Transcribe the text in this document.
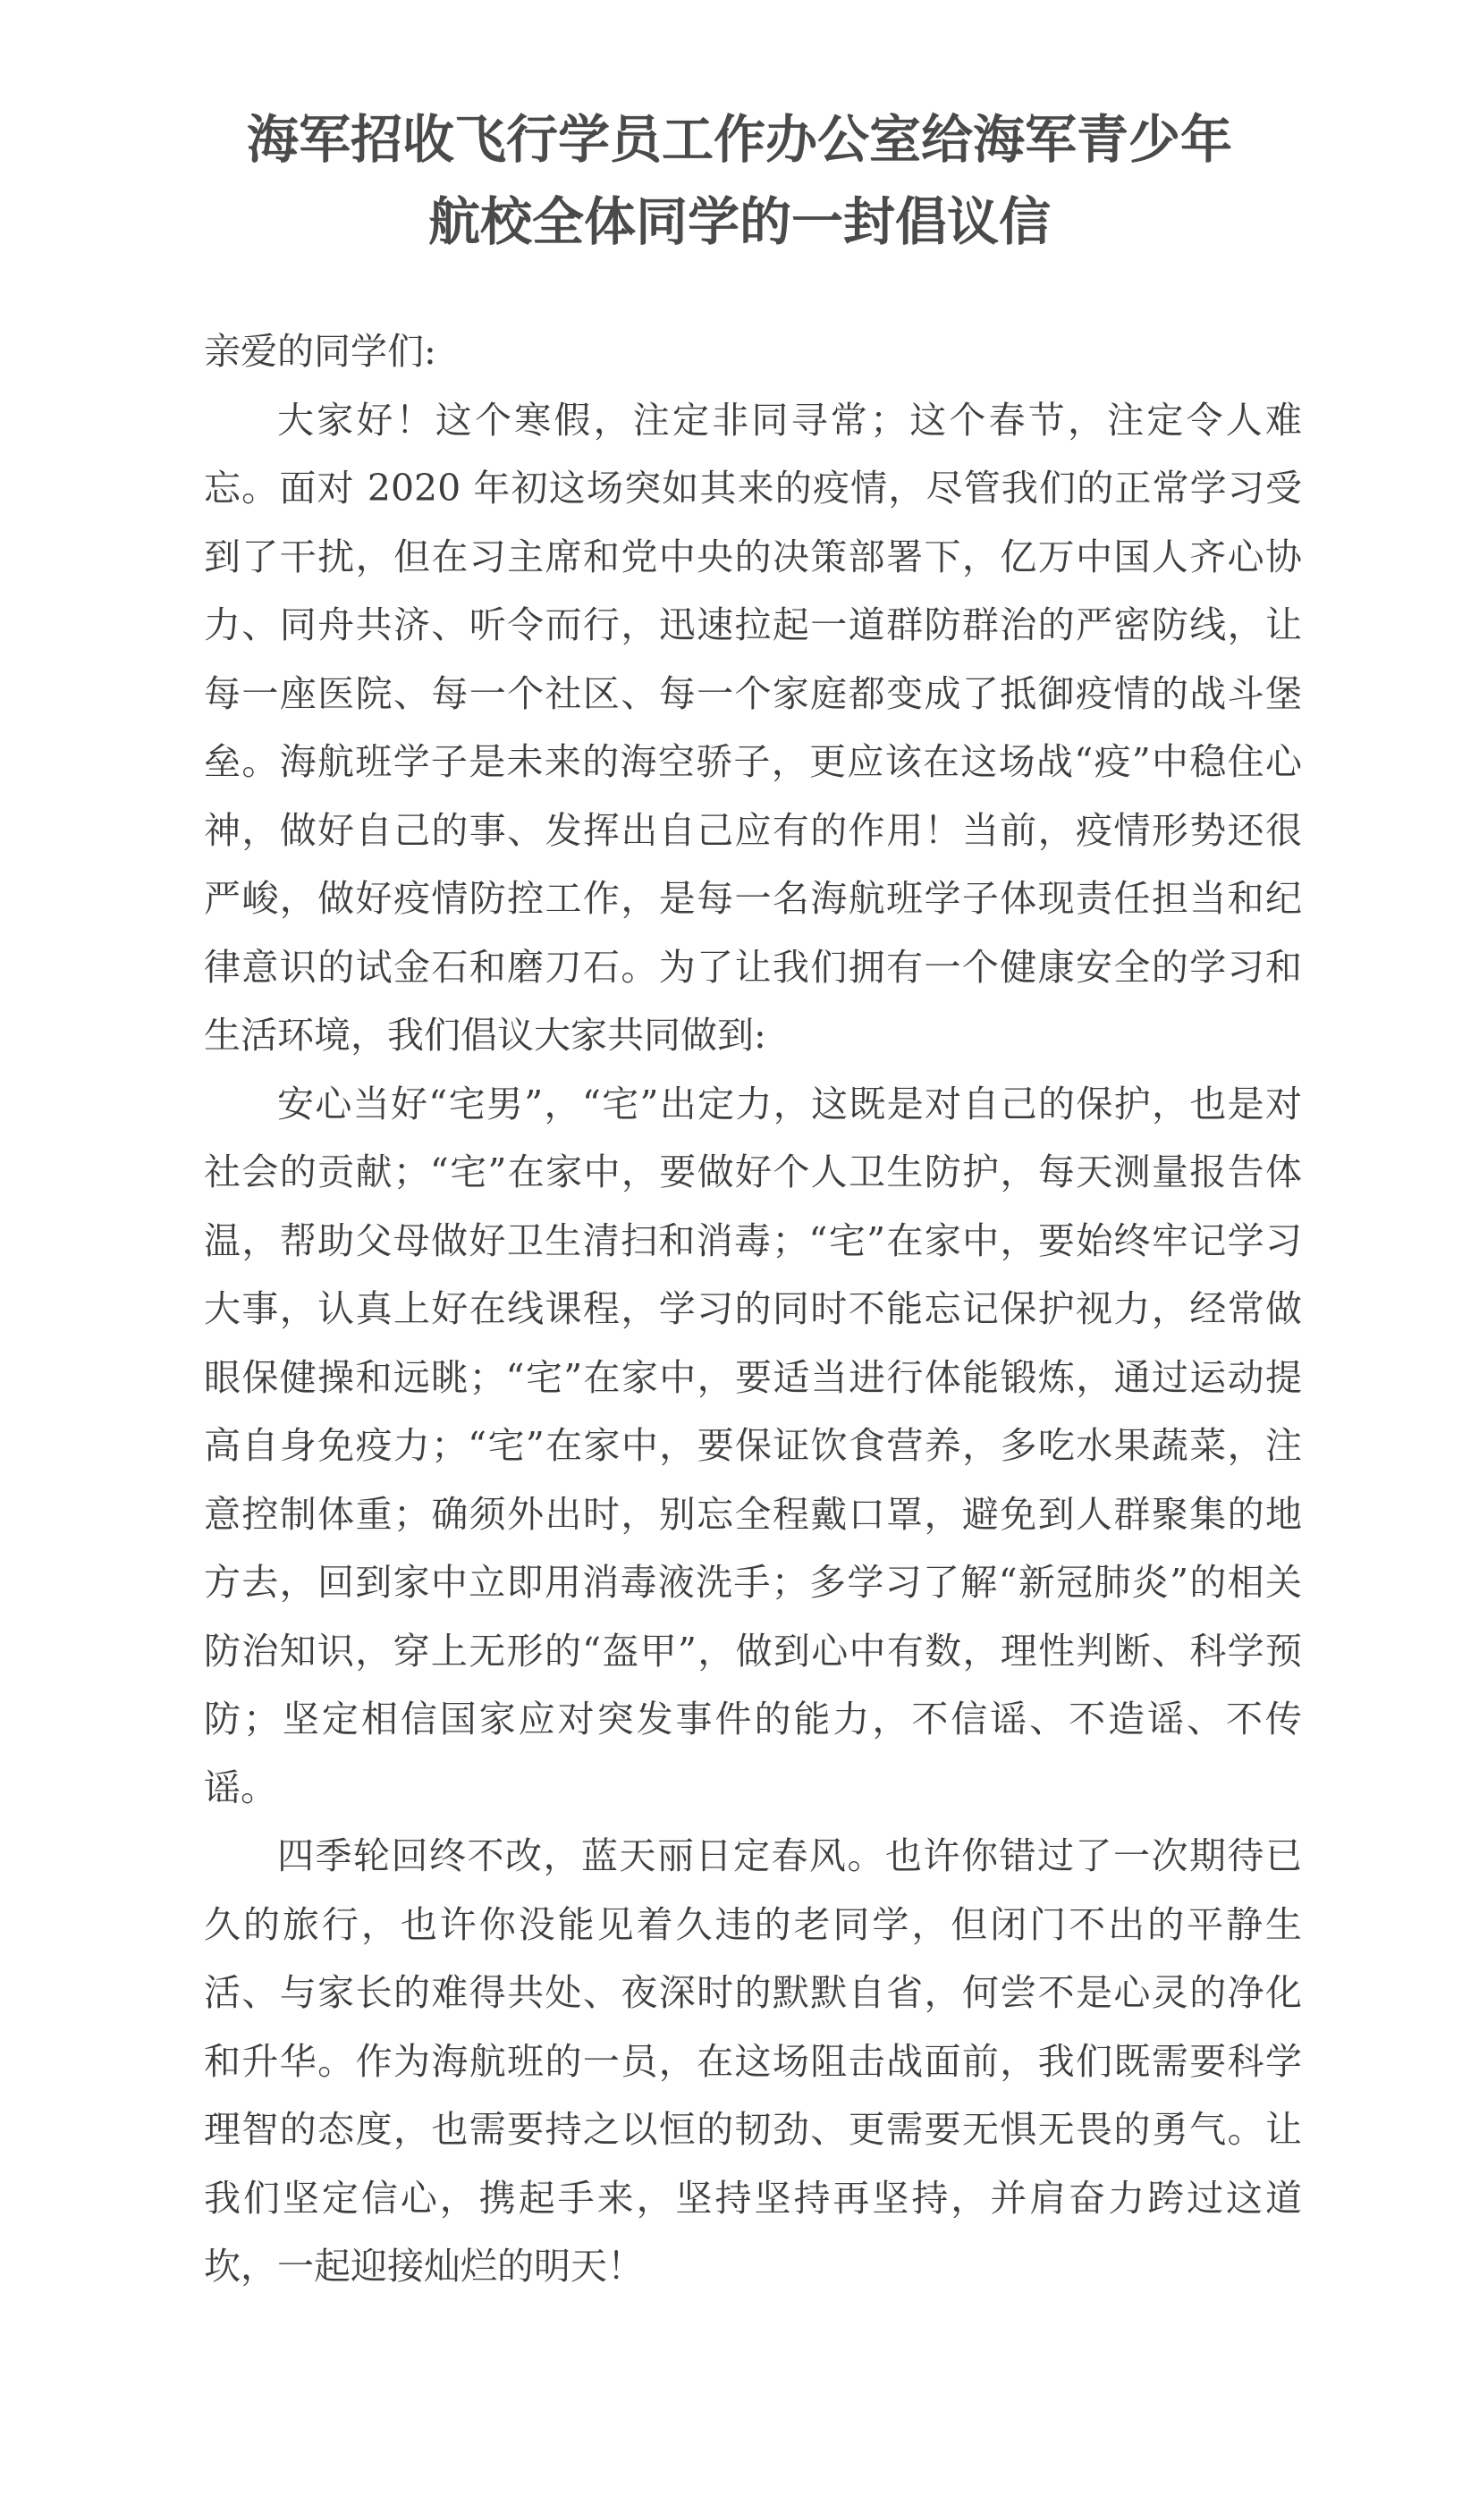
海军招收飞行学员工作办公室给海军青少年
航校全体同学的一封倡议信

亲爱的同学们:

大家好！这个寒假，注定非同寻常；这个春节，注定令人难忘。面对 2020 年初这场突如其来的疫情，尽管我们的正常学习受到了干扰，但在习主席和党中央的决策部署下，亿万中国人齐心协力、同舟共济、听令而行，迅速拉起一道群防群治的严密防线，让每一座医院、每一个社区、每一个家庭都变成了抵御疫情的战斗堡垒。海航班学子是未来的海空骄子，更应该在这场战“疫”中稳住心神，做好自己的事、发挥出自己应有的作用！当前，疫情形势还很严峻，做好疫情防控工作，是每一名海航班学子体现责任担当和纪律意识的试金石和磨刀石。为了让我们拥有一个健康安全的学习和生活环境，我们倡议大家共同做到:

安心当好“宅男”，“宅”出定力，这既是对自己的保护，也是对社会的贡献；“宅”在家中，要做好个人卫生防护，每天测量报告体温，帮助父母做好卫生清扫和消毒；“宅”在家中，要始终牢记学习大事，认真上好在线课程，学习的同时不能忘记保护视力，经常做眼保健操和远眺；“宅”在家中，要适当进行体能锻炼，通过运动提高自身免疫力；“宅”在家中，要保证饮食营养，多吃水果蔬菜，注意控制体重；确须外出时，别忘全程戴口罩，避免到人群聚集的地方去，回到家中立即用消毒液洗手；多学习了解“新冠肺炎”的相关防治知识，穿上无形的“盔甲”，做到心中有数，理性判断、科学预防；坚定相信国家应对突发事件的能力，不信谣、不造谣、不传谣。

四季轮回终不改，蓝天丽日定春风。也许你错过了一次期待已久的旅行，也许你没能见着久违的老同学，但闭门不出的平静生活、与家长的难得共处、夜深时的默默自省，何尝不是心灵的净化和升华。作为海航班的一员，在这场阻击战面前，我们既需要科学理智的态度，也需要持之以恒的韧劲、更需要无惧无畏的勇气。让我们坚定信心，携起手来，坚持坚持再坚持，并肩奋力跨过这道坎，一起迎接灿烂的明天！
